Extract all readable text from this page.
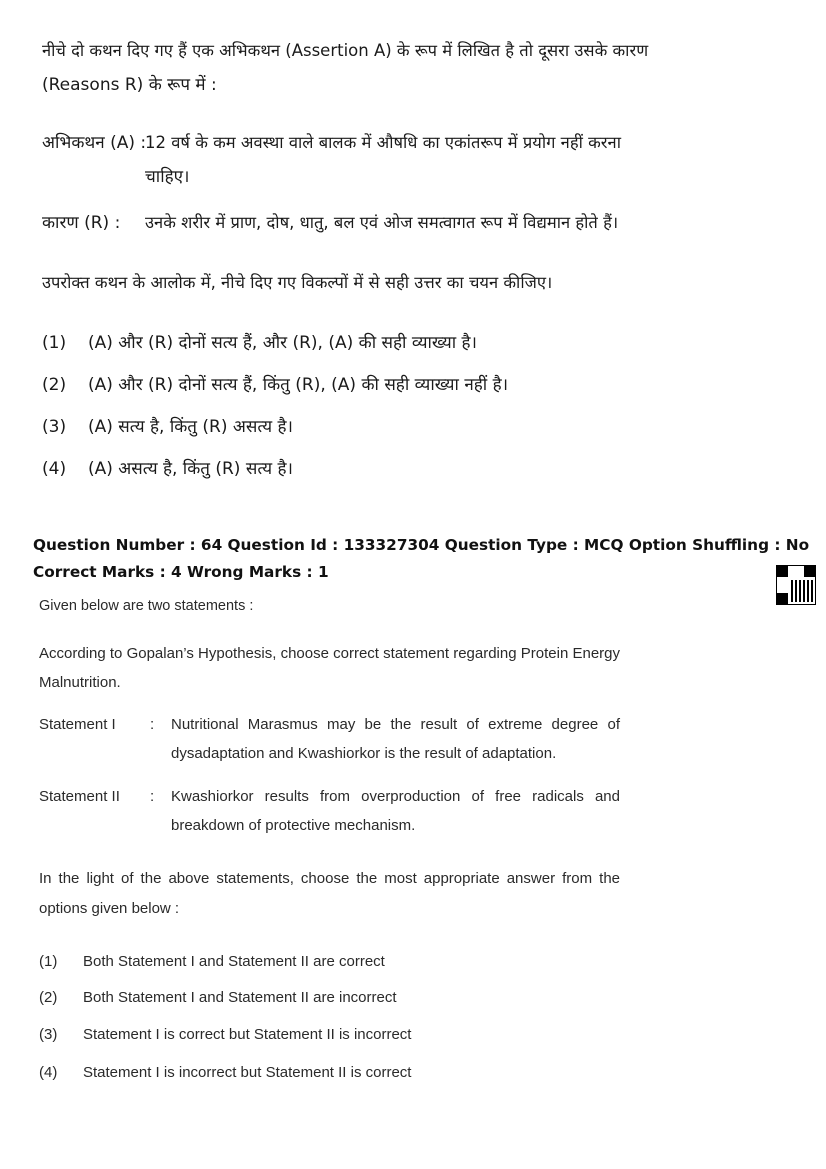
नीचे दो कथन दिए गए हैं एक अभिकथन (Assertion A) के रूप में लिखित है तो दूसरा उसके कारण
(Reasons R) के रूप में :
अभिकथन (A) :
12 वर्ष के कम अवस्था वाले बालक में औषधि का एकांतरूप में प्रयोग नहीं करना
चाहिए।
कारण (R) : उनके शरीर में प्राण, दोष, धातु, बल एवं ओज समत्वागत रूप में विद्यमान होते हैं।
उपरोक्त कथन के आलोक में, नीचे दिए गए विकल्पों में से सही उत्तर का चयन कीजिए।
(1) (A) और (R) दोनों सत्य हैं, और (R), (A) की सही व्याख्या है।
(2) (A) और (R) दोनों सत्य हैं, किंतु (R), (A) की सही व्याख्या नहीं है।
(3) (A) सत्य है, किंतु (R) असत्य है।
(4) (A) असत्य है, किंतु (R) सत्य है।
Question Number : 64 Question Id : 133327304 Question Type : MCQ Option Shuffling : No
Correct Marks : 4 Wrong Marks : 1
Given below are two statements :
According to Gopalan’s Hypothesis, choose correct statement regarding Protein Energy
Malnutrition.
Statement I : Nutritional Marasmus may be the result of extreme degree of
dysadaptation and Kwashiorkor is the result of adaptation.
Statement II : Kwashiorkor results from overproduction of free radicals and
breakdown of protective mechanism.
In the light of the above statements, choose the most appropriate answer from the
options given below :
(1) Both Statement I and Statement II are correct
(2) Both Statement I and Statement II are incorrect
(3) Statement I is correct but Statement II is incorrect
(4) Statement I is incorrect but Statement II is correct
